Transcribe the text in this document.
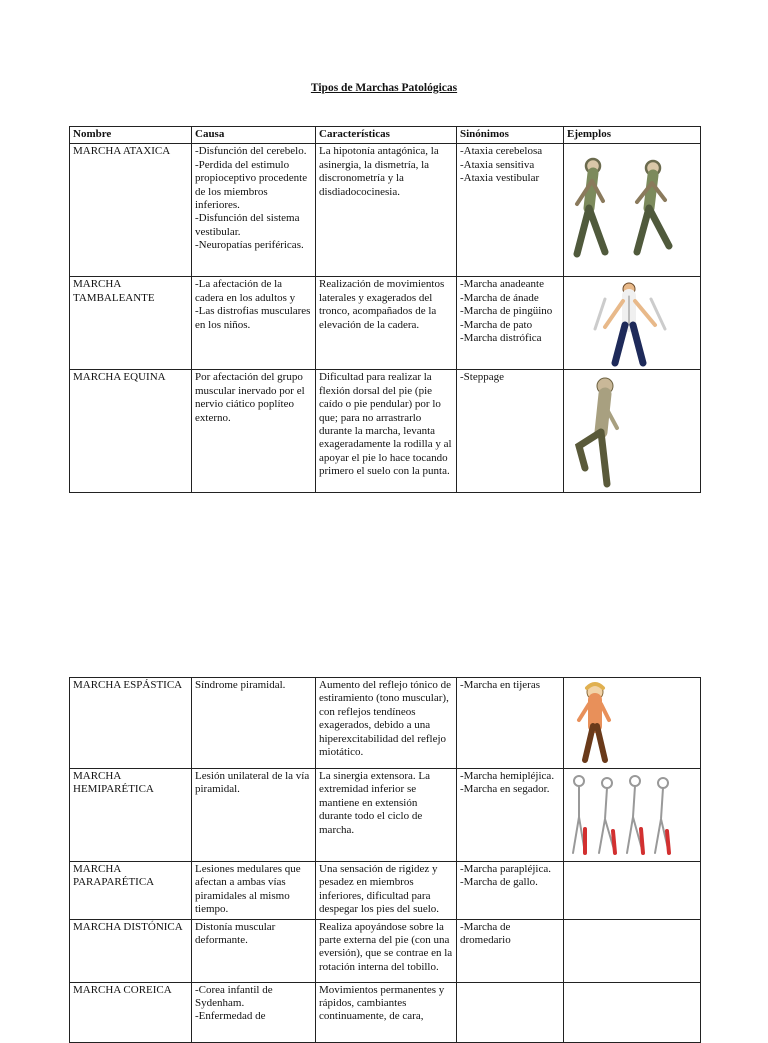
Tipos de Marchas Patológicas
Nombre	Causa	Características	Sinónimos	Ejemplos

MARCHA ATAXICA	-Disfunción del cerebelo.
-Perdida del estimulo propioceptivo procedente de los miembros inferiores.
-Disfunción del sistema vestibular.
-Neuropatías periféricas.	La hipotonía antagónica, la asinergia, la dismetría, la discronometría y la disdiadococinesia.	-Ataxia cerebelosa
-Ataxia sensitiva
-Ataxia vestibular

MARCHA TAMBALEANTE	-La afectación de la cadera en los adultos y
-Las distrofias musculares en los niños.	Realización de movimientos laterales y exagerados del tronco, acompañados de la elevación de la cadera.	-Marcha anadeante
-Marcha de ánade
-Marcha de pingüino
-Marcha de pato
-Marcha distrófica

MARCHA EQUINA	Por afectación del grupo muscular inervado por el nervio ciático poplíteo externo.	Dificultad para realizar la flexión dorsal del pie (pie caído o pie pendular) por lo que; para no arrastrarlo durante la marcha, levanta exageradamente la rodilla y al apoyar el pie lo hace tocando primero el suelo con la punta.	-Steppage

MARCHA ESPÁSTICA	Síndrome piramidal.	Aumento del reflejo tónico de estiramiento (tono muscular), con reflejos tendíneos exagerados, debido a una hiperexcitabilidad del reflejo miotático.	-Marcha en tijeras

MARCHA HEMIPARÉTICA	Lesión unilateral de la vía piramidal.	La sinergia extensora. La extremidad inferior se mantiene en extensión durante todo el ciclo de marcha.	-Marcha hemipléjica.
-Marcha en segador.

MARCHA PARAPARÉTICA	Lesiones medulares que afectan a ambas vías piramidales al mismo tiempo.	Una sensación de rigidez y pesadez en miembros inferiores, dificultad para despegar los pies del suelo.	-Marcha parapléjica.
-Marcha de gallo.	

MARCHA DISTÓNICA	Distonía muscular deformante.	Realiza apoyándose sobre la parte externa del pie (con una eversión), que se contrae en la rotación interna del tobillo.	-Marcha de dromedario	

MARCHA COREICA	-Corea infantil de Sydenham.
-Enfermedad de	Movimientos permanentes y rápidos, cambiantes continuamente, de cara,		
